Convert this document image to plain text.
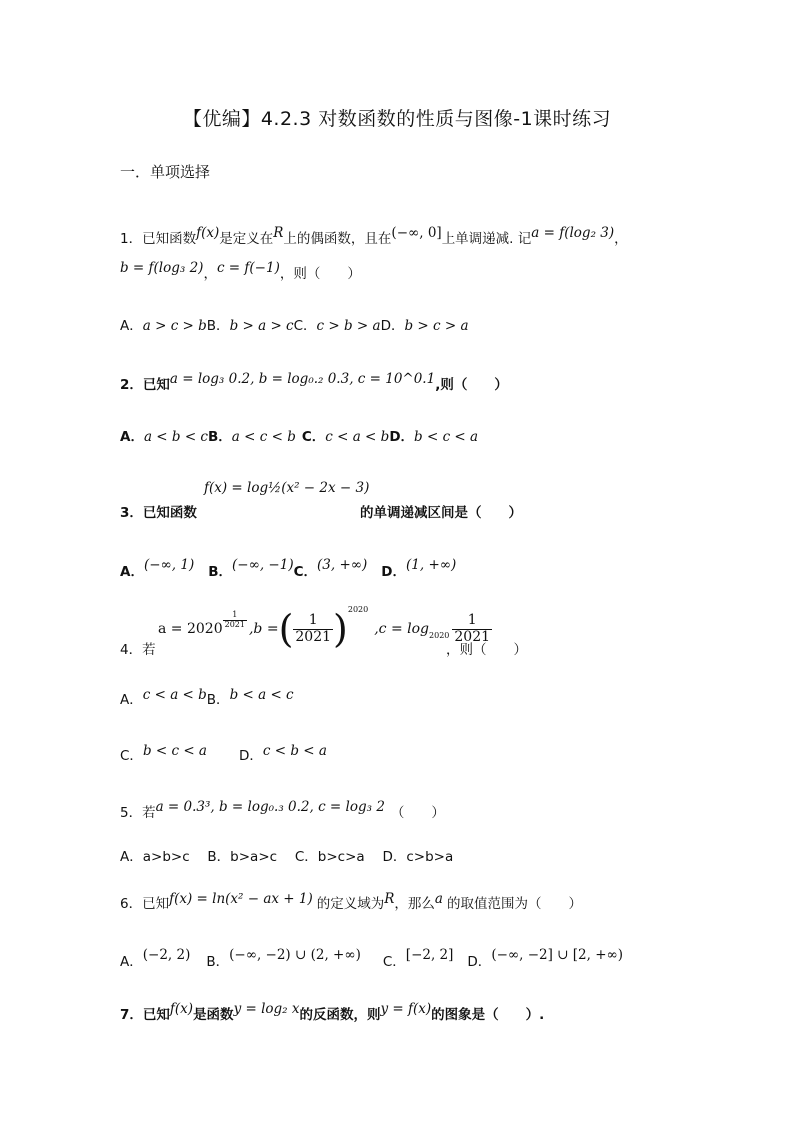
【优编】4.2.3 对数函数的性质与图像-1课时练习
一．单项选择
1．已知函数f(x)是定义在R上的偶函数，且在(−∞, 0]上单调递减. 记a = f(log₂ 3)，
b = f(log₃ 2)，c = f(−1)，则（　　）
A．a > c > bB．b > a > cC．c > b > aD．b > c > a
2．已知a = log₃ 0.2, b = log₀.₂ 0.3, c = 10^0.1,则（　　）
A．a < b < cB．a < c < b C．c < a < bD．b < c < a
f(x) = log½(x² − 2x − 3)
3．已知函数	的单调递减区间是（　　）
A．(−∞, 1) B．(−∞, −1)C．(3, +∞) D．(1, +∞)
4．若
$a = 2020 \frac{1}{2021} ,b$ = ( $\frac{1}{2021}$ ) 2020
$,c = \log 2020 \frac{1}{2021}$
，则（　　）
A．c < a < bB．b < a < c
C．b < c < a D．c < b < a
5．若a = 0.3³, b = log₀.₃ 0.2, c = log₃ 2 （　　）
A．a>b>c　 B．b>a>c　 C．b>c>a　 D．c>b>a
6．已知f(x) = ln(x² − ax + 1) 的定义域为R，那么a 的取值范围为（　　）
A．(−2, 2) B．(−∞, −2) ∪ (2, +∞) C．[−2, 2] D．(−∞, −2] ∪ [2, +∞)
7．已知f(x)是函数y = log₂ x的反函数，则y = f(x)的图象是（　　）.
